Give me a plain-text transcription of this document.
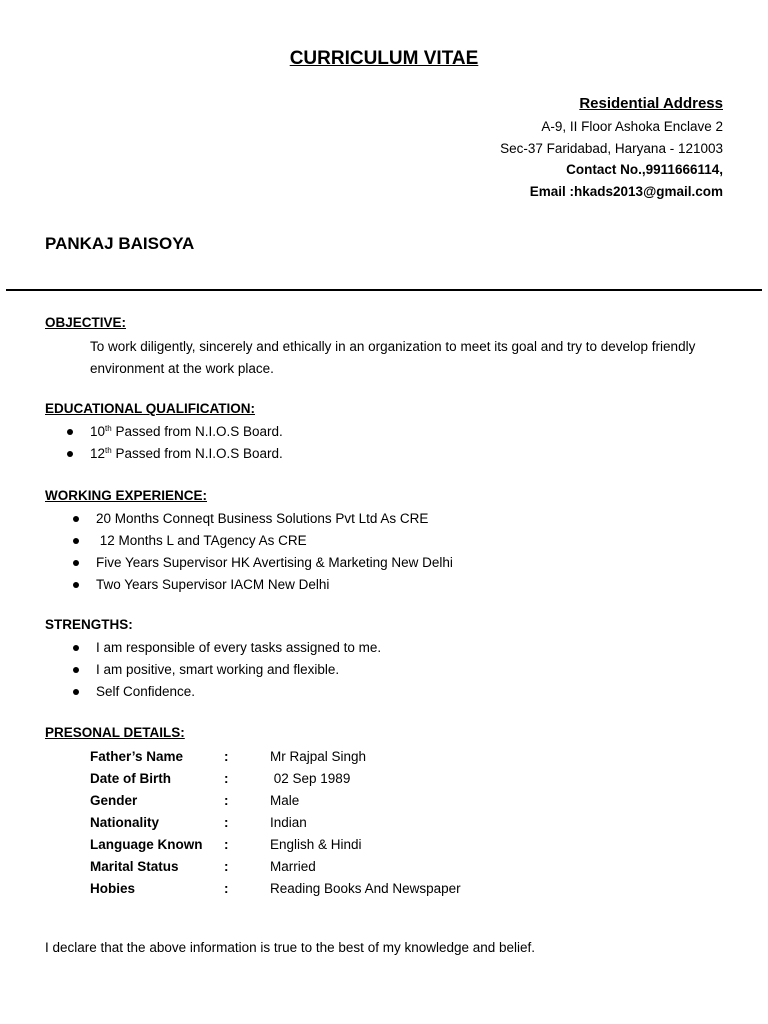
CURRICULUM VITAE
Residential Address
A-9, II Floor Ashoka Enclave 2
Sec-37 Faridabad, Haryana - 121003
Contact No.,9911666114,
Email :hkads2013@gmail.com
PANKAJ BAISOYA
OBJECTIVE:
To work diligently, sincerely and ethically in an organization to meet its goal and try to develop friendly environment at the work place.
EDUCATIONAL QUALIFICATION:
10th Passed from N.I.O.S Board.
12th Passed from N.I.O.S Board.
WORKING EXPERIENCE:
20 Months Conneqt Business Solutions Pvt Ltd As CRE
12 Months L and TAgency As CRE
Five Years Supervisor HK Avertising & Marketing New Delhi
Two Years Supervisor IACM New Delhi
STRENGTHS:
I am responsible of every tasks assigned to me.
I am positive, smart working and flexible.
Self Confidence.
PRESONAL DETAILS:
Father’s Name	:	Mr Rajpal Singh
Date of Birth	:	02 Sep 1989
Gender	:	Male
Nationality	:	Indian
Language Known	:	English & Hindi
Marital Status	:	Married
Hobies	:	Reading Books And Newspaper
I declare that the above information is true to the best of my knowledge and belief.
